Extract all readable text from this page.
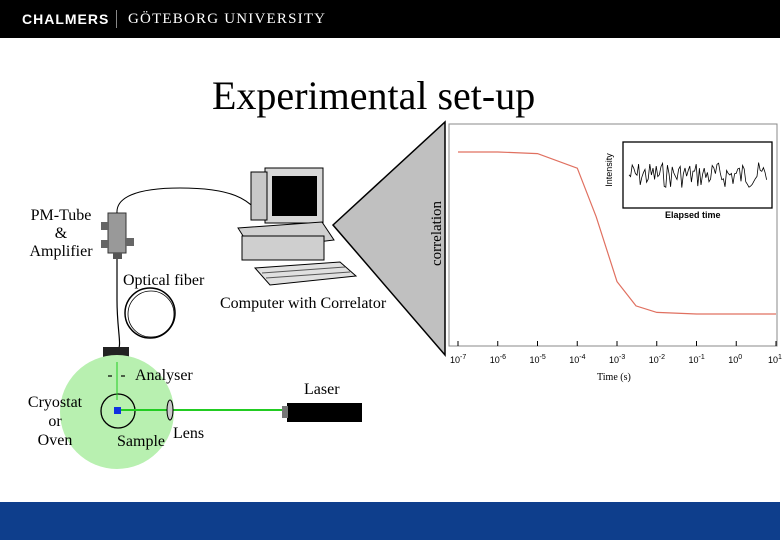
CHALMERS GÖTEBORG UNIVERSITY
Experimental set-up
correlation
Time (s)
Intensity
Elapsed time
$10^{-7}$	$10^{-6}$	$10^{-5}$	$10^{-4}$	$10^{-3}$	$10^{-2}$	$10^{-1}$	$10^0$	$10^1$
PM-Tube
&
Amplifier
Optical fiber
Computer with Correlator
Analyser
Laser
Cryostat
or
Oven	Sample Lens
